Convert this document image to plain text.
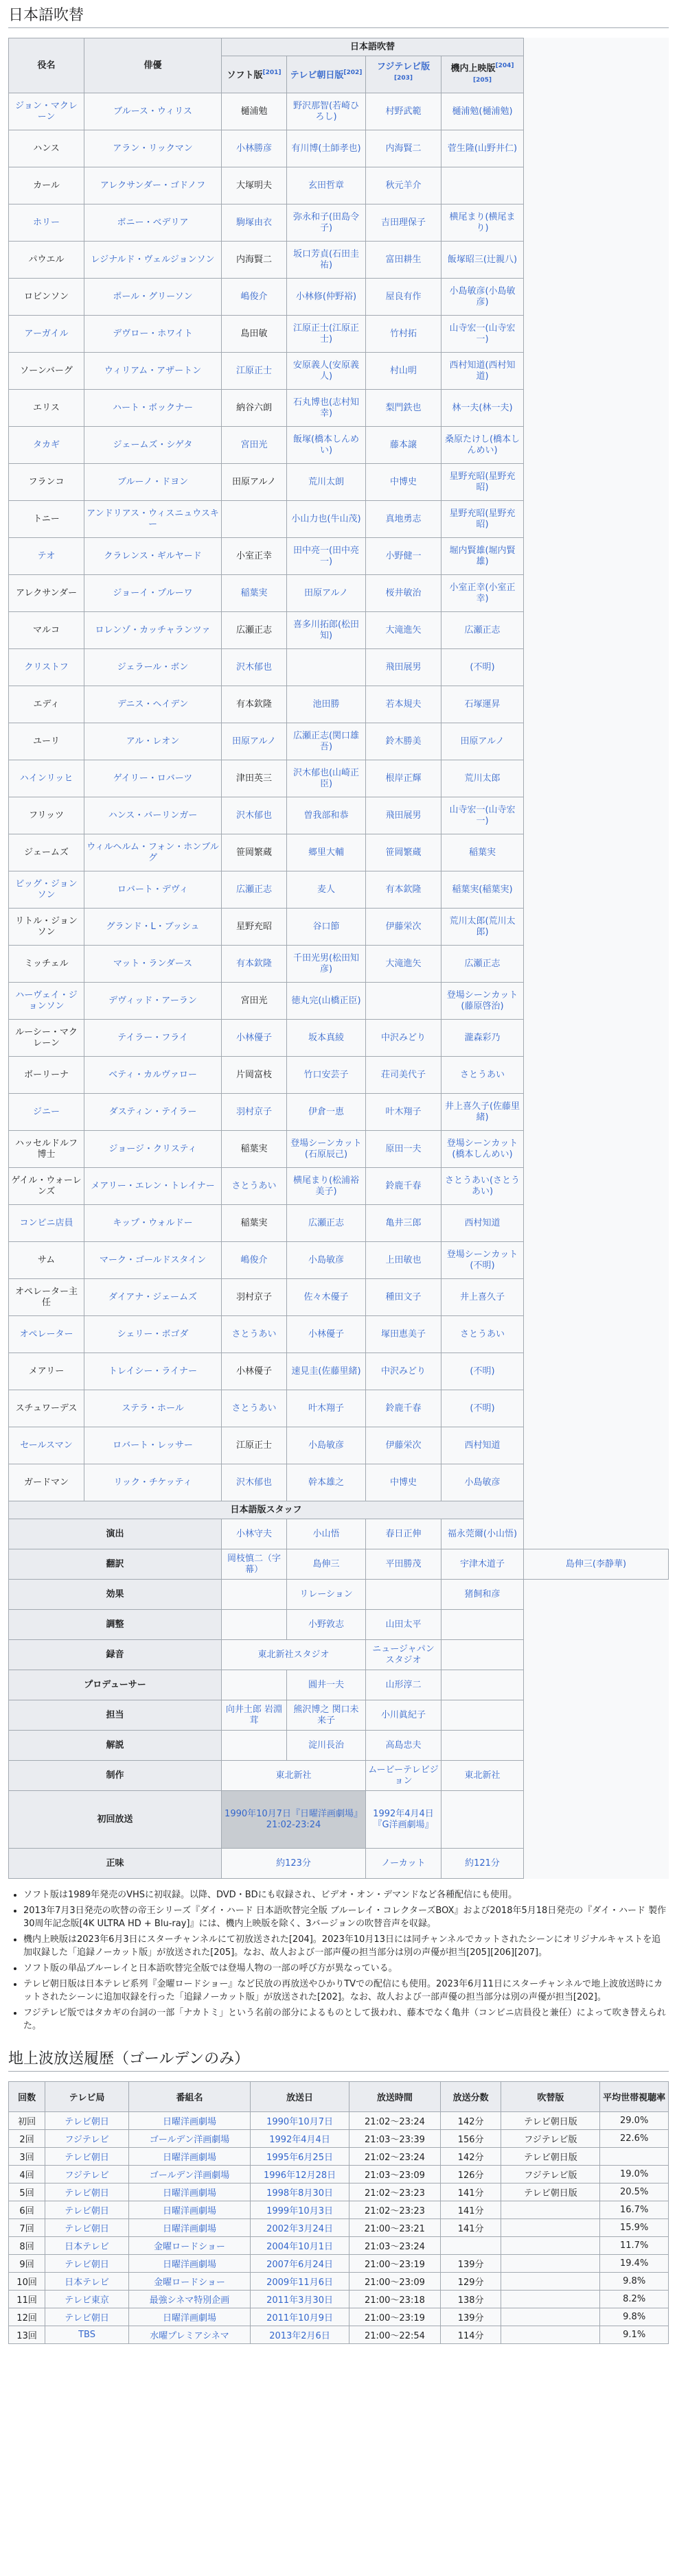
日本語吹替
役名	俳優	日本語吹替				
		ソフト版[201]	テレビ朝日版[202]	フジテレビ版[203]	機内上映版[204][205]
ジョン・マクレーン	ブルース・ウィリス	樋浦勉	野沢那智(若崎ひろし)	村野武範	樋浦勉(樋浦勉)	
ハンス	アラン・リックマン	小林勝彦	有川博(土師孝也)	内海賢二	菅生隆(山野井仁)	
カール	アレクサンダー・ゴドノフ	大塚明夫	玄田哲章	秋元羊介		
ホリー	ボニー・ベデリア	駒塚由衣	弥永和子(田島令子)	吉田理保子	横尾まり(横尾まり)	
パウエル	レジナルド・ヴェルジョンソン	内海賢二	坂口芳貞(石田圭祐)	富田耕生	飯塚昭三(辻親八)	
ロビンソン	ポール・グリーソン	嶋俊介	小林修(仲野裕)	屋良有作	小島敏彦(小島敏彦)	
アーガイル	デヴロー・ホワイト	島田敏	江原正士(江原正士)	竹村拓	山寺宏一(山寺宏一)	
ソーンバーグ	ウィリアム・アザートン	江原正士	安原義人(安原義人)	村山明	西村知道(西村知道)	
エリス	ハート・ボックナー	納谷六朗	石丸博也(志村知幸)	梨門鉄也	林一夫(林一夫)	
タカギ	ジェームズ・シゲタ	宮田光	飯塚(橋本しんめい)	藤本譲	桑原たけし(橋本しんめい)	
フランコ	ブルーノ・ドヨン	田原アルノ	荒川太朗	中博史	星野充昭(星野充昭)	
トニー	アンドリアス・ウィスニュウスキー		小山力也(牛山茂)	真地勇志	星野充昭(星野充昭)	
テオ	クラレンス・ギルヤード	小室正幸	田中亮一(田中亮一)	小野健一	堀内賢雄(堀内賢雄)	
アレクサンダー	ジョーイ・プルーワ	稲葉実	田原アルノ	桜井敏治	小室正幸(小室正幸)	
マルコ	ロレンゾ・カッチャランツァ	広瀬正志	喜多川拓郎(松田知)	大滝進矢	広瀬正志	
クリストフ	ジェラール・ボン	沢木郁也		飛田展男	(不明)	
エディ	デニス・ヘイデン	有本欽隆	池田勝	若本規夫	石塚運昇	
ユーリ	アル・レオン	田原アルノ	広瀬正志(関口雄吾)	鈴木勝美	田原アルノ	
ハインリッヒ	ゲイリー・ロバーツ	津田英三	沢木郁也(山崎正臣)	根岸正輝	荒川太郎	
フリッツ	ハンス・バーリンガー	沢木郁也	曽我部和恭	飛田展男	山寺宏一(山寺宏一)	
ジェームズ	ウィルヘルム・フォン・ホンブルグ	笹岡繁蔵	郷里大輔	笹岡繁蔵	稲葉実	
ビッグ・ジョンソン	ロバート・デヴィ	広瀬正志	麦人	有本欽隆	稲葉実(稲葉実)	
リトル・ジョンソン	グランド・L・ブッシュ	星野充昭	谷口節	伊藤栄次	荒川太郎(荒川太郎)	
ミッチェル	マット・ランダース	有本欽隆	千田光男(松田知彦)	大滝進矢	広瀬正志	
ハーヴェイ・ジョンソン	デヴィッド・アーラン	宮田光	徳丸完(山橋正臣)		登場シーンカット(藤原啓治)	
ルーシー・マクレーン	テイラー・フライ	小林優子	坂本真綾	中沢みどり	瀧森彩乃	
ボーリーナ	ベティ・カルヴァロー	片岡富枝	竹口安芸子	荘司美代子	さとうあい	
ジニー	ダスティン・テイラー	羽村京子	伊倉一恵	叶木翔子	井上喜久子(佐藤里緒)	
ハッセルドルフ博士	ジョージ・クリスティ	稲葉実	登場シーンカット(石原辰己)	原田一夫	登場シーンカット(橋本しんめい)	
ゲイル・ウォーレンズ	メアリー・エレン・トレイナー	さとうあい	横尾まり(松浦裕美子)	鈴鹿千春	さとうあい(さとうあい)	
コンビニ店員	キップ・ウォルドー	稲葉実	広瀬正志	亀井三郎	西村知道	
サム	マーク・ゴールドスタイン	嶋俊介	小島敏彦	上田敏也	登場シーンカット(不明)	
オペレーター主任	ダイアナ・ジェームズ	羽村京子	佐々木優子	種田文子	井上喜久子	
オペレーター	シェリー・ボゴダ	さとうあい	小林優子	塚田恵美子	さとうあい	
メアリー	トレイシー・ライナー	小林優子	速見圭(佐藤里緒)	中沢みどり	(不明)	
スチュワーデス	ステラ・ホール	さとうあい	叶木翔子	鈴鹿千春	(不明)	
セールスマン	ロバート・レッサー	江原正士	小島敏彦	伊藤栄次	西村知道	
ガードマン	リック・チケッティ	沢木郁也	幹本雄之	中博史	小島敏彦	
日本語版スタッフ						
演出		小林守夫	小山悟	春日正伸	福永莞爾(小山悟)	
翻訳		岡枝慎二（字幕）	島伸三	平田勝茂	宇津木道子	島伸三(李静華)
効果			リレーション		猪飼和彦	
調整			小野敦志	山田太平		
録音		東北新社スタジオ		ニュージャパンスタジオ		
プロデューサー			圓井一夫	山形淳二		
担当		向井土郎 岩淵茸	熊沢博之 関口未来子	小川眞紀子		
解説			淀川長治	高島忠夫		
制作		東北新社		ムービーテレビジョン	東北新社	
初回放送		1990年10月7日『日曜洋画劇場』21:02-23:24		1992年4月4日『G洋画劇場』		
正味		約123分		ノーカット	約121分	
• ソフト版は1989年発売のVHSに初収録。以降、DVD・BDにも収録され、ビデオ・オン・デマンドなど各種配信にも使用。
• 2013年7月3日発売の吹替の帝王シリーズ『ダイ・ハード 日本語吹替完全版 ブルーレイ・コレクターズBOX』および2018年5月18日発売の『ダイ・ハード 製作30周年記念版[4K ULTRA HD + Blu-ray]』には、機内上映版を除く、3バージョンの吹替音声を収録。
• 機内上映版は2023年6月3日にスターチャンネルにて初放送された[204]。2023年10月13日には同チャンネルでカットされたシーンにオリジナルキャストを追加収録した「追録ノーカット版」が放送された[205]。なお、故人および一部声優の担当部分は別の声優が担当[205][206][207]。
• ソフト版の単品ブルーレイと日本語吹替完全版では登場人物の一部の呼び方が異なっている。
• テレビ朝日版は日本テレビ系列『金曜ロードショー』など民放の再放送やひかりTVでの配信にも使用。2023年6月11日にスターチャンネルで地上波放送時にカットされたシーンに追加収録を行った「追録ノーカット版」が放送された[202]。なお、故人および一部声優の担当部分は別の声優が担当[202]。
• フジテレビ版ではタカギの台詞の一部「ナカトミ」という名前の部分によるものとして扱われ、藤本でなく亀井（コンビニ店員役と兼任）によって吹き替えられた。
地上波放送履歴（ゴールデンのみ）
回数	テレビ局	番組名	放送日	放送時間	放送分数	吹替版	平均世帯視聴率
初回	テレビ朝日	日曜洋画劇場	1990年10月7日	21:02〜23:24	142分	テレビ朝日版	29.0%
2回	フジテレビ	ゴールデン洋画劇場	1992年4月4日	21:03〜23:39	156分	フジテレビ版	22.6%
3回	テレビ朝日	日曜洋画劇場	1995年6月25日	21:02〜23:24	142分	テレビ朝日版	
4回	フジテレビ	ゴールデン洋画劇場	1996年12月28日	21:03〜23:09	126分	フジテレビ版	19.0%
5回	テレビ朝日	日曜洋画劇場	1998年8月30日	21:02〜23:23	141分	テレビ朝日版	20.5%
6回	テレビ朝日	日曜洋画劇場	1999年10月3日	21:02〜23:23	141分		16.7%
7回	テレビ朝日	日曜洋画劇場	2002年3月24日	21:00〜23:21	141分		15.9%
8回	日本テレビ	金曜ロードショー	2004年10月1日	21:03〜23:24			11.7%
9回	テレビ朝日	日曜洋画劇場	2007年6月24日	21:00〜23:19	139分		19.4%
10回	日本テレビ	金曜ロードショー	2009年11月6日	21:00〜23:09	129分		9.8%
11回	テレビ東京	最強シネマ特別企画	2011年3月30日	21:00〜23:18	138分		8.2%
12回	テレビ朝日	日曜洋画劇場	2011年10月9日	21:00〜23:19	139分		9.8%
13回	TBS	水曜プレミアシネマ	2013年2月6日	21:00〜22:54	114分		9.1%
